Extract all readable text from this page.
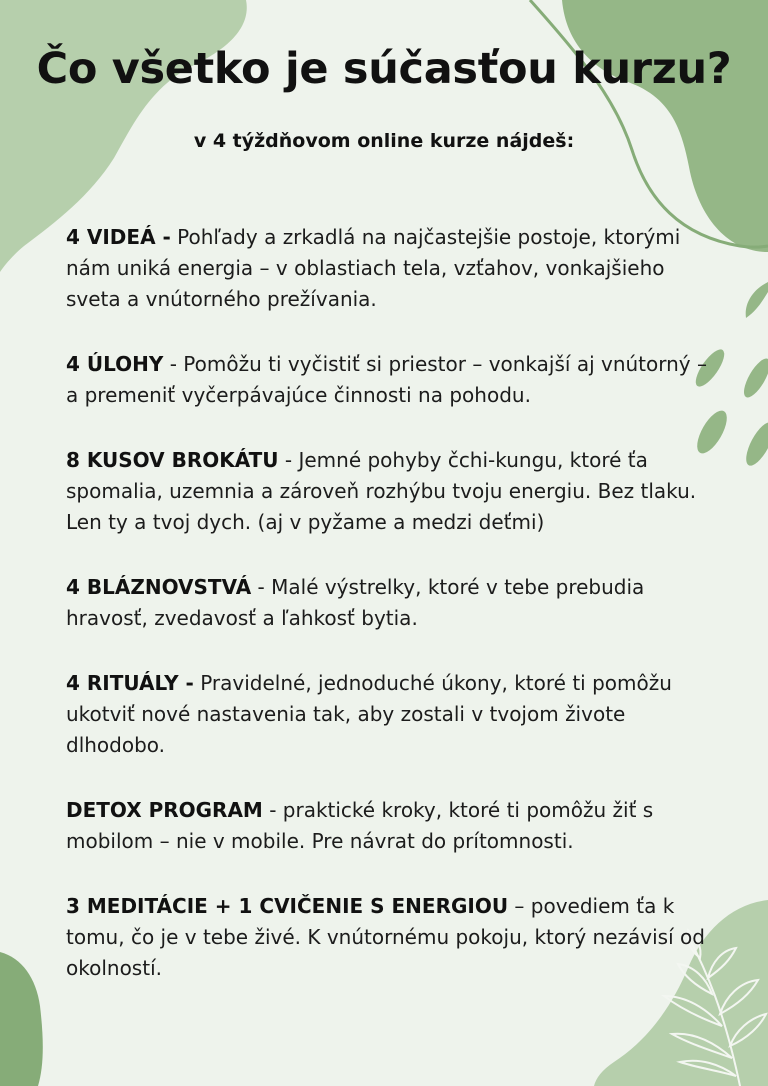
Čo všetko je súčasťou kurzu?

v 4 týždňovom online kurze nájdeš:

4 VIDEÁ - Pohľady a zrkadlá na najčastejšie postoje, ktorými nám uniká energia – v oblastiach tela, vzťahov, vonkajšieho sveta a vnútorného prežívania.

4 ÚLOHY - Pomôžu ti vyčistiť si priestor – vonkajší aj vnútorný – a premeniť vyčerpávajúce činnosti na pohodu.

8 KUSOV BROKÁTU - Jemné pohyby čchi-kungu, ktoré ťa spomalia, uzemnia a zároveň rozhýbu tvoju energiu. Bez tlaku. Len ty a tvoj dych. (aj v pyžame a medzi deťmi)

4 BLÁZNOVSTVÁ - Malé výstrelky, ktoré v tebe prebudia hravosť, zvedavosť a ľahkosť bytia.

4 RITUÁLY - Pravidelné, jednoduché úkony, ktoré ti pomôžu ukotviť nové nastavenia tak, aby zostali v tvojom živote dlhodobo.

DETOX PROGRAM - praktické kroky, ktoré ti pomôžu žiť s mobilom – nie v mobile. Pre návrat do prítomnosti.

3 MEDITÁCIE + 1 CVIČENIE S ENERGIOU – povediem ťa k tomu, čo je v tebe živé. K vnútornému pokoju, ktorý nezávisí od okolností.
